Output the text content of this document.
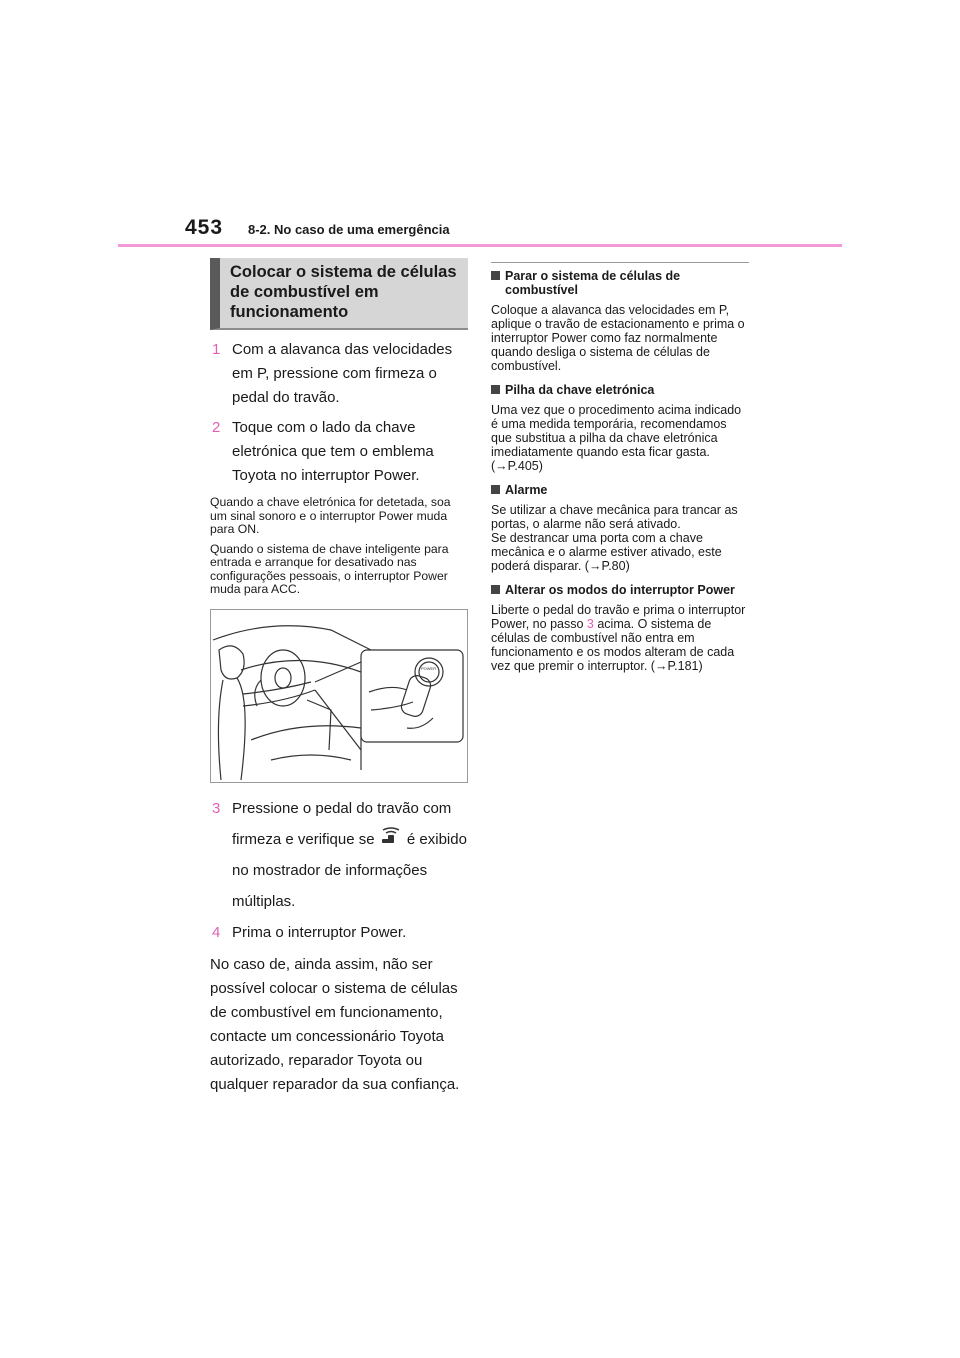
453 8-2. No caso de uma emergência
Colocar o sistema de células de combustível em funcionamento
1 Com a alavanca das velocidades em P, pressione com firmeza o pedal do travão.
2 Toque com o lado da chave eletrónica que tem o emblema Toyota no interruptor Power.
Quando a chave eletrónica for detetada, soa um sinal sonoro e o interruptor Power muda para ON.
Quando o sistema de chave inteligente para entrada e arranque for desativado nas configurações pessoais, o interruptor Power muda para ACC.
POWER
3 Pressione o pedal do travão com firmeza e verifique se é exibido no mostrador de informações múltiplas.
4 Prima o interruptor Power.
No caso de, ainda assim, não ser possível colocar o sistema de células de combustível em funcionamento, contacte um concessionário Toyota autorizado, reparador Toyota ou qualquer reparador da sua confiança.
Parar o sistema de células de combustível
Coloque a alavanca das velocidades em P, aplique o travão de estacionamento e prima o interruptor Power como faz normalmente quando desliga o sistema de células de combustível.
Pilha da chave eletrónica
Uma vez que o procedimento acima indicado é uma medida temporária, recomendamos que substitua a pilha da chave eletrónica imediatamente quando esta ficar gasta. (→P.405)
Alarme
Se utilizar a chave mecânica para trancar as portas, o alarme não será ativado.
Se destrancar uma porta com a chave mecânica e o alarme estiver ativado, este poderá disparar. (→P.80)
Alterar os modos do interruptor Power
Liberte o pedal do travão e prima o interruptor Power, no passo 3 acima. O sistema de células de combustível não entra em funcionamento e os modos alteram de cada vez que premir o interruptor. (→P.181)
